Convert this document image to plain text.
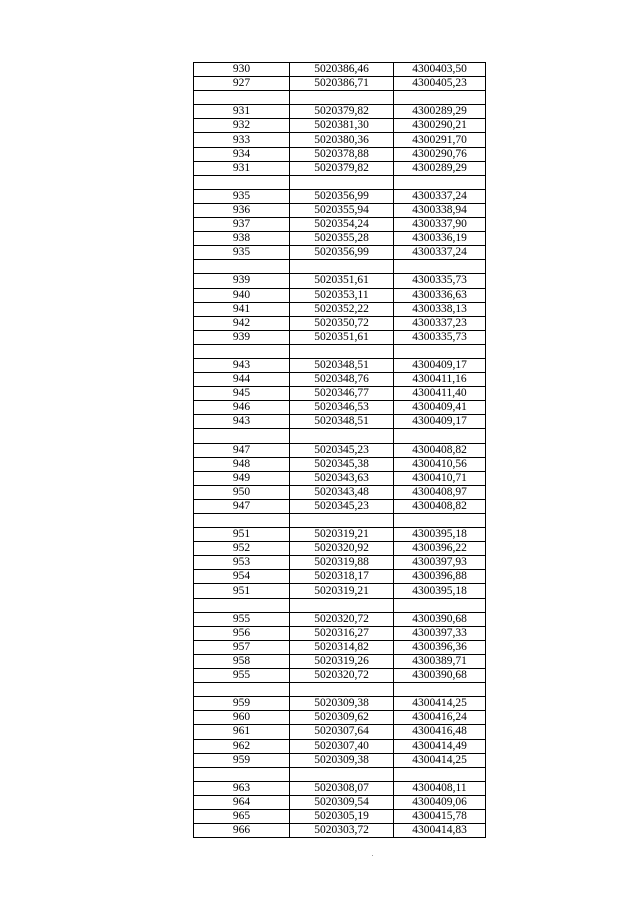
930	5020386,46	4300403,50
927	5020386,71	4300405,23

931	5020379,82	4300289,29
932	5020381,30	4300290,21
933	5020380,36	4300291,70
934	5020378,88	4300290,76
931	5020379,82	4300289,29

935	5020356,99	4300337,24
936	5020355,94	4300338,94
937	5020354,24	4300337,90
938	5020355,28	4300336,19
935	5020356,99	4300337,24

939	5020351,61	4300335,73
940	5020353,11	4300336,63
941	5020352,22	4300338,13
942	5020350,72	4300337,23
939	5020351,61	4300335,73

943	5020348,51	4300409,17
944	5020348,76	4300411,16
945	5020346,77	4300411,40
946	5020346,53	4300409,41
943	5020348,51	4300409,17

947	5020345,23	4300408,82
948	5020345,38	4300410,56
949	5020343,63	4300410,71
950	5020343,48	4300408,97
947	5020345,23	4300408,82

951	5020319,21	4300395,18
952	5020320,92	4300396,22
953	5020319,88	4300397,93
954	5020318,17	4300396,88
951	5020319,21	4300395,18

955	5020320,72	4300390,68
956	5020316,27	4300397,33
957	5020314,82	4300396,36
958	5020319,26	4300389,71
955	5020320,72	4300390,68

959	5020309,38	4300414,25
960	5020309,62	4300416,24
961	5020307,64	4300416,48
962	5020307,40	4300414,49
959	5020309,38	4300414,25

963	5020308,07	4300408,11
964	5020309,54	4300409,06
965	5020305,19	4300415,78
966	5020303,72	4300414,83
